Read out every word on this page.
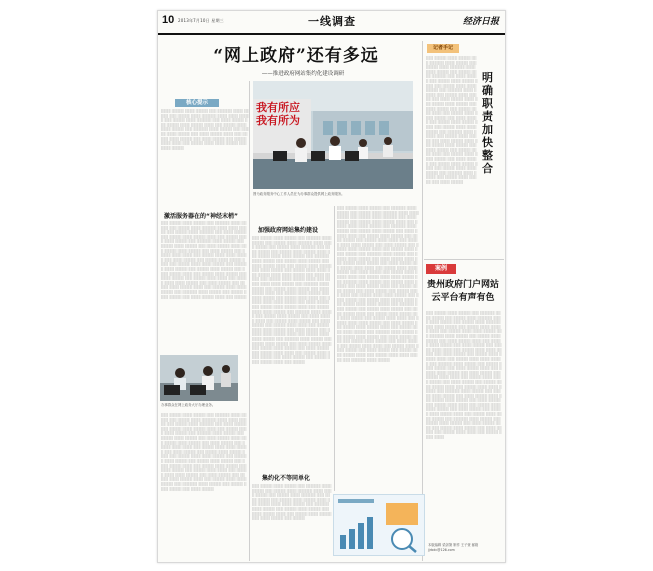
10 2013年7月10日 星期三	一线调查	经济日报
“网上政府”还有多远
——推进政府网站集约化建设调研
核心提示
░░░░ ░░░░░ ░░░░ ░░░░░ ░░░ ░░░░░░ ░░░░ ░░░░░ ░░░ ░░░░░ ░░░░ ░░░░░░ ░░░░ ░░░░ ░░░░░ ░░░ ░░░░░ ░░░░ ░░░░░░ ░░░ ░░░░ ░░░░░ ░░░ ░░░░░ ░░░░ ░░░░░ ░░░░ ░░░ ░░░░░ ░░░░ ░░░░ ░░░░░ ░░░ ░░░░░░ ░░░░ ░░░░░ ░░░ ░░░░░ ░░░░ ░░░░░ ░░░ ░░░░ ░░░░░ ░░░░ ░░░ ░░░░░ ░░░░ ░░░░░ ░░░ ░░░░ ░░░░░ ░░░ ░░░░░ ░░░░ ░░░░ ░░░ ░░░░░ ░░░░ ░░░░ ░░░░░ ░░░ ░░░░ ░░░░░
我有所应 我有所为
图为政务服务中心工作人员在为办事群众提供网上政务服务。
激活服务器在的“神经末梢”
░░░ ░░░░░ ░░░░ ░░░░░ ░░░ ░░░░░░ ░░░░ ░░░░░ ░░░ ░░░░░ ░░░░ ░░░░░░ ░░░░ ░░░░ ░░░░░ ░░░ ░░░░░ ░░░░ ░░░░░░ ░░░ ░░░░ ░░░░░ ░░░ ░░░░░ ░░░░ ░░░░░ ░░░░ ░░░ ░░░░░ ░░░░ ░░░░ ░░░░░ ░░░ ░░░░░░ ░░░░ ░░░░░ ░░░ ░░░░░ ░░░░ ░░░░░ ░░░ ░░░░ ░░░░░ ░░░░ ░░░ ░░░░░ ░░░░ ░░░░░ ░░░ ░░░░ ░░░░░ ░░░ ░░░░░ ░░░░ ░░░░ ░░░ ░░░░░ ░░░░ ░░░░ ░░░░░ ░░░ ░░░░ ░░░░░ ░░░ ░░░░░ ░░░░ ░░░░░ ░░░░ ░░░ ░░░░░ ░░░░ ░░░░ ░░░░░ ░░░ ░░░░░░ ░░░░ ░░░░░ ░░░ ░░░░░ ░░░░ ░░░░░ ░░░ ░░░░ ░░░░░ ░░░░ ░░░ ░░░░░ ░░░░ ░░░░░ ░░░ ░░░░ ░░░░░ ░░░ ░░░░░ ░░░░ ░░░░ ░░░ ░░░░░ ░░░░ ░░░░ ░░░░░ ░░░ ░░░░ ░░░░░ ░░░ ░░░░░ ░░░░ ░░░░░ ░░░░ ░░░ ░░░░░ ░░░░ ░░░░ ░░░░░ ░░░ ░░░░░░ ░░░░ ░░░░░ ░░░ ░░░░░ ░░░░ ░░░░░ ░░░ ░░░░ ░░░░░ ░░░░ ░░░ ░░░░░
办事群众在网上政务大厅办理业务。
░░░ ░░░░░ ░░░░ ░░░░░ ░░░ ░░░░░░ ░░░░ ░░░░░ ░░░ ░░░░░ ░░░░ ░░░░░░ ░░░░ ░░░░ ░░░░░ ░░░ ░░░░░ ░░░░ ░░░░░░ ░░░ ░░░░ ░░░░░ ░░░ ░░░░░ ░░░░ ░░░░░ ░░░░ ░░░ ░░░░░ ░░░░ ░░░░ ░░░░░ ░░░ ░░░░░░ ░░░░ ░░░░░ ░░░ ░░░░░ ░░░░ ░░░░░ ░░░ ░░░░ ░░░░░ ░░░░ ░░░ ░░░░░ ░░░░ ░░░░░ ░░░ ░░░░ ░░░░░ ░░░ ░░░░░ ░░░░ ░░░░ ░░░ ░░░░░ ░░░░ ░░░░ ░░░░░ ░░░ ░░░░ ░░░░░ ░░░ ░░░░░ ░░░░ ░░░░░ ░░░░ ░░░ ░░░░░ ░░░░ ░░░░ ░░░░░ ░░░ ░░░░░░ ░░░░ ░░░░░ ░░░ ░░░░░ ░░░░ ░░░░░ ░░░ ░░░░ ░░░░░ ░░░░ ░░░ ░░░░░ ░░░░ ░░░░░ ░░░ ░░░░ ░░░░░ ░░░ ░░░░░ ░░░░ ░░░░ ░░░ ░░░░░ ░░░░ ░░░░ ░░░░░ ░░░ ░░░░ ░░░░░ ░░░ ░░░░░ ░░░░ ░░░░░ ░░░░ ░░░ ░░░░░ ░░░░ ░░░░ ░░░░░ ░░░ ░░░░░░ ░░░░ ░░░░░ ░░░ ░░░░░ ░░░░ ░░░░░ ░░░ ░░░░ ░░░░░
加强政府网站集约建设
░░░ ░░░░░ ░░░░ ░░░░░ ░░░ ░░░░░░ ░░░░ ░░░░░ ░░░ ░░░░░ ░░░░ ░░░░░░ ░░░░ ░░░░ ░░░░░ ░░░ ░░░░░ ░░░░ ░░░░░░ ░░░ ░░░░ ░░░░░ ░░░ ░░░░░ ░░░░ ░░░░░ ░░░░ ░░░ ░░░░░ ░░░░ ░░░░ ░░░░░ ░░░ ░░░░░░ ░░░░ ░░░░░ ░░░ ░░░░░ ░░░░ ░░░░░ ░░░ ░░░░ ░░░░░ ░░░░ ░░░ ░░░░░ ░░░░ ░░░░░ ░░░ ░░░░ ░░░░░ ░░░ ░░░░░ ░░░░ ░░░░ ░░░ ░░░░░ ░░░░ ░░░░ ░░░░░ ░░░ ░░░░ ░░░░░ ░░░ ░░░░░ ░░░░ ░░░░░ ░░░░ ░░░ ░░░░░ ░░░░ ░░░░ ░░░░░ ░░░ ░░░░░░ ░░░░ ░░░░░ ░░░ ░░░░░ ░░░░ ░░░░░ ░░░ ░░░░ ░░░░░ ░░░░ ░░░ ░░░░░ ░░░░ ░░░░░ ░░░ ░░░░ ░░░░░ ░░░ ░░░░░ ░░░░ ░░░░ ░░░ ░░░░░ ░░░░ ░░░░ ░░░░░ ░░░ ░░░░ ░░░░░ ░░░ ░░░░░ ░░░░ ░░░░░ ░░░░ ░░░ ░░░░░ ░░░░ ░░░░ ░░░░░ ░░░ ░░░░░░ ░░░░ ░░░░░ ░░░ ░░░░░ ░░░░ ░░░░░ ░░░ ░░░░ ░░░░░ ░░░░ ░░░ ░░░░░ ░░░░ ░░░░░ ░░░ ░░░░ ░░░░░ ░░░ ░░░░░ ░░░░ ░░░░ ░░░ ░░░░░ ░░░░ ░░░░ ░░░░░ ░░░ ░░░░ ░░░░░ ░░░ ░░░░░ ░░░░ ░░░░░ ░░░░ ░░░ ░░░░░ ░░░░ ░░░░ ░░░░░ ░░░ ░░░░░░ ░░░░ ░░░░░ ░░░ ░░░░░ ░░░░ ░░░░░ ░░░ ░░░░ ░░░░░ ░░░░ ░░░ ░░░░░ ░░░░ ░░░░░ ░░░ ░░░░ ░░░░░ ░░░ ░░░░░ ░░░░ ░░░░ ░░░ ░░░░░ ░░░░ ░░░░ ░░░░░ ░░░ ░░░░ ░░░░░ ░░░ ░░░░░ ░░░░ ░░░░░ ░░░░ ░░░ ░░░░░
集约化不等同单化
░░░ ░░░░░ ░░░░ ░░░░░ ░░░ ░░░░░░ ░░░░ ░░░░░ ░░░ ░░░░░ ░░░░ ░░░░░░ ░░░░ ░░░░ ░░░░░ ░░░ ░░░░░ ░░░░ ░░░░░░ ░░░ ░░░░ ░░░░░ ░░░ ░░░░░ ░░░░ ░░░░░ ░░░░ ░░░ ░░░░░ ░░░░ ░░░░ ░░░░░ ░░░ ░░░░░░ ░░░░ ░░░░░ ░░░ ░░░░░ ░░░░ ░░░░░ ░░░ ░░░░ ░░░░░ ░░░░ ░░░ ░░░░░ ░░░░ ░░░░░ ░░░ ░░░░ ░░░░░ ░░░ ░░░░░
░░░ ░░░░░ ░░░░ ░░░░░ ░░░ ░░░░░░ ░░░░ ░░░░░ ░░░ ░░░░░ ░░░░ ░░░░░░ ░░░░ ░░░░ ░░░░░ ░░░ ░░░░░ ░░░░ ░░░░░░ ░░░ ░░░░ ░░░░░ ░░░ ░░░░░ ░░░░ ░░░░░ ░░░░ ░░░ ░░░░░ ░░░░ ░░░░ ░░░░░ ░░░ ░░░░░░ ░░░░ ░░░░░ ░░░ ░░░░░ ░░░░ ░░░░░ ░░░ ░░░░ ░░░░░ ░░░░ ░░░ ░░░░░ ░░░░ ░░░░░ ░░░ ░░░░ ░░░░░ ░░░ ░░░░░ ░░░░ ░░░░ ░░░ ░░░░░ ░░░░ ░░░░ ░░░░░ ░░░ ░░░░ ░░░░░ ░░░ ░░░░░ ░░░░ ░░░░░ ░░░░ ░░░ ░░░░░ ░░░░ ░░░░ ░░░░░ ░░░ ░░░░░░ ░░░░ ░░░░░ ░░░ ░░░░░ ░░░░ ░░░░░ ░░░ ░░░░ ░░░░░ ░░░░ ░░░ ░░░░░ ░░░░ ░░░░░ ░░░ ░░░░ ░░░░░ ░░░ ░░░░░ ░░░░ ░░░░ ░░░ ░░░░░ ░░░░ ░░░░ ░░░░░ ░░░ ░░░░ ░░░░░ ░░░ ░░░░░ ░░░░ ░░░░░ ░░░░ ░░░ ░░░░░ ░░░░ ░░░░ ░░░░░ ░░░ ░░░░░░ ░░░░ ░░░░░ ░░░ ░░░░░ ░░░░ ░░░░░ ░░░ ░░░░ ░░░░░ ░░░░ ░░░ ░░░░░ ░░░░ ░░░░░ ░░░ ░░░░ ░░░░░ ░░░ ░░░░░ ░░░░ ░░░░ ░░░ ░░░░░ ░░░░ ░░░░ ░░░░░ ░░░ ░░░░ ░░░░░ ░░░ ░░░░░ ░░░░ ░░░░░ ░░░░ ░░░ ░░░░░ ░░░░ ░░░░ ░░░░░ ░░░ ░░░░░░ ░░░░ ░░░░░ ░░░ ░░░░░ ░░░░ ░░░░░ ░░░ ░░░░ ░░░░░ ░░░░ ░░░ ░░░░░ ░░░░ ░░░░░ ░░░ ░░░░ ░░░░░ ░░░ ░░░░░ ░░░░ ░░░░ ░░░ ░░░░░ ░░░░ ░░░░ ░░░░░ ░░░ ░░░░ ░░░░░ ░░░ ░░░░░ ░░░░ ░░░░░ ░░░░ ░░░ ░░░░░ ░░░░ ░░░░ ░░░░░ ░░░ ░░░░░░ ░░░░ ░░░░░ ░░░ ░░░░░ ░░░░ ░░░░░ ░░░ ░░░░ ░░░░░ ░░░░ ░░░ ░░░░░ ░░░░ ░░░░░ ░░░ ░░░░ ░░░░░ ░░░ ░░░░░ ░░░░ ░░░░ ░░░ ░░░░░ ░░░░ ░░░░ ░░░░░ ░░░ ░░░░ ░░░░░ ░░░ ░░░░░ ░░░░ ░░░░░ ░░░░ ░░░ ░░░░░ ░░░░ ░░░░ ░░░░░ ░░░ ░░░░░░ ░░░░ ░░░░░
记者手记
░░░ ░░░░░ ░░░░ ░░░░░ ░░░ ░░░░░░ ░░░░ ░░░░░ ░░░ ░░░░░ ░░░░ ░░░░░░ ░░░░ ░░░░ ░░░░░ ░░░ ░░░░░ ░░░░ ░░░░░░ ░░░ ░░░░ ░░░░░ ░░░ ░░░░░ ░░░░ ░░░░░ ░░░░ ░░░ ░░░░░ ░░░░ ░░░░ ░░░░░ ░░░ ░░░░░░ ░░░░ ░░░░░ ░░░ ░░░░░ ░░░░ ░░░░░ ░░░ ░░░░ ░░░░░ ░░░░ ░░░ ░░░░░ ░░░░ ░░░░░ ░░░ ░░░░ ░░░░░ ░░░ ░░░░░ ░░░░ ░░░░ ░░░ ░░░░░ ░░░░ ░░░░ ░░░░░ ░░░ ░░░░ ░░░░░ ░░░ ░░░░░ ░░░░ ░░░░░ ░░░░ ░░░ ░░░░░ ░░░░ ░░░░ ░░░░░ ░░░ ░░░░░░ ░░░░ ░░░░░ ░░░ ░░░░░ ░░░░ ░░░░░ ░░░ ░░░░ ░░░░░ ░░░░ ░░░ ░░░░░ ░░░░ ░░░░░ ░░░ ░░░░ ░░░░░ ░░░ ░░░░░ ░░░░ ░░░░ ░░░ ░░░░░ ░░░░ ░░░░ ░░░░░ ░░░ ░░░░ ░░░░░ ░░░ ░░░░░ ░░░░ ░░░░░ ░░░░ ░░░ ░░░░░ ░░░░ ░░░░ ░░░░░ ░░░ ░░░░░░ ░░░░ ░░░░░ ░░░ ░░░░░ ░░░░ ░░░░░ ░░░ ░░░░ ░░░░░
明确职责 加快整合
案例
贵州政府门户网站云平台有声有色
░░░ ░░░░░ ░░░░ ░░░░░ ░░░ ░░░░░░ ░░░░ ░░░░░ ░░░ ░░░░░ ░░░░ ░░░░░░ ░░░░ ░░░░ ░░░░░ ░░░ ░░░░░ ░░░░ ░░░░░░ ░░░ ░░░░ ░░░░░ ░░░ ░░░░░ ░░░░ ░░░░░ ░░░░ ░░░ ░░░░░ ░░░░ ░░░░ ░░░░░ ░░░ ░░░░░░ ░░░░ ░░░░░ ░░░ ░░░░░ ░░░░ ░░░░░ ░░░ ░░░░ ░░░░░ ░░░░ ░░░ ░░░░░ ░░░░ ░░░░░ ░░░ ░░░░ ░░░░░ ░░░ ░░░░░ ░░░░ ░░░░ ░░░ ░░░░░ ░░░░ ░░░░ ░░░░░ ░░░ ░░░░ ░░░░░ ░░░ ░░░░░ ░░░░ ░░░░░ ░░░░ ░░░ ░░░░░ ░░░░ ░░░░ ░░░░░ ░░░ ░░░░░░ ░░░░ ░░░░░ ░░░ ░░░░░ ░░░░ ░░░░░ ░░░ ░░░░ ░░░░░ ░░░░ ░░░ ░░░░░ ░░░░ ░░░░░ ░░░ ░░░░ ░░░░░ ░░░ ░░░░░ ░░░░ ░░░░ ░░░ ░░░░░ ░░░░ ░░░░ ░░░░░ ░░░ ░░░░ ░░░░░ ░░░ ░░░░░ ░░░░ ░░░░░ ░░░░ ░░░ ░░░░░ ░░░░ ░░░░ ░░░░░ ░░░ ░░░░░░ ░░░░ ░░░░░ ░░░ ░░░░░ ░░░░ ░░░░░ ░░░ ░░░░ ░░░░░ ░░░░ ░░░ ░░░░░ ░░░░ ░░░░░ ░░░ ░░░░ ░░░░░ ░░░ ░░░░░ ░░░░ ░░░░ ░░░ ░░░░░ ░░░░ ░░░░ ░░░░░ ░░░ ░░░░ ░░░░░ ░░░ ░░░░░ ░░░░ ░░░░░ ░░░░ ░░░ ░░░░░ ░░░░ ░░░░ ░░░░░ ░░░ ░░░░░░ ░░░░ ░░░░░ ░░░ ░░░░░ ░░░░ ░░░░░ ░░░ ░░░░ ░░░░░ ░░░░ ░░░ ░░░░░ ░░░░ ░░░░░ ░░░ ░░░░ ░░░░░ ░░░ ░░░░░ ░░░░ ░░░░ ░░░ ░░░░░ ░░░░ ░░░░
本版编辑 梁剑箫 制作 王子萱 邮箱 jjrbdc@126.com
